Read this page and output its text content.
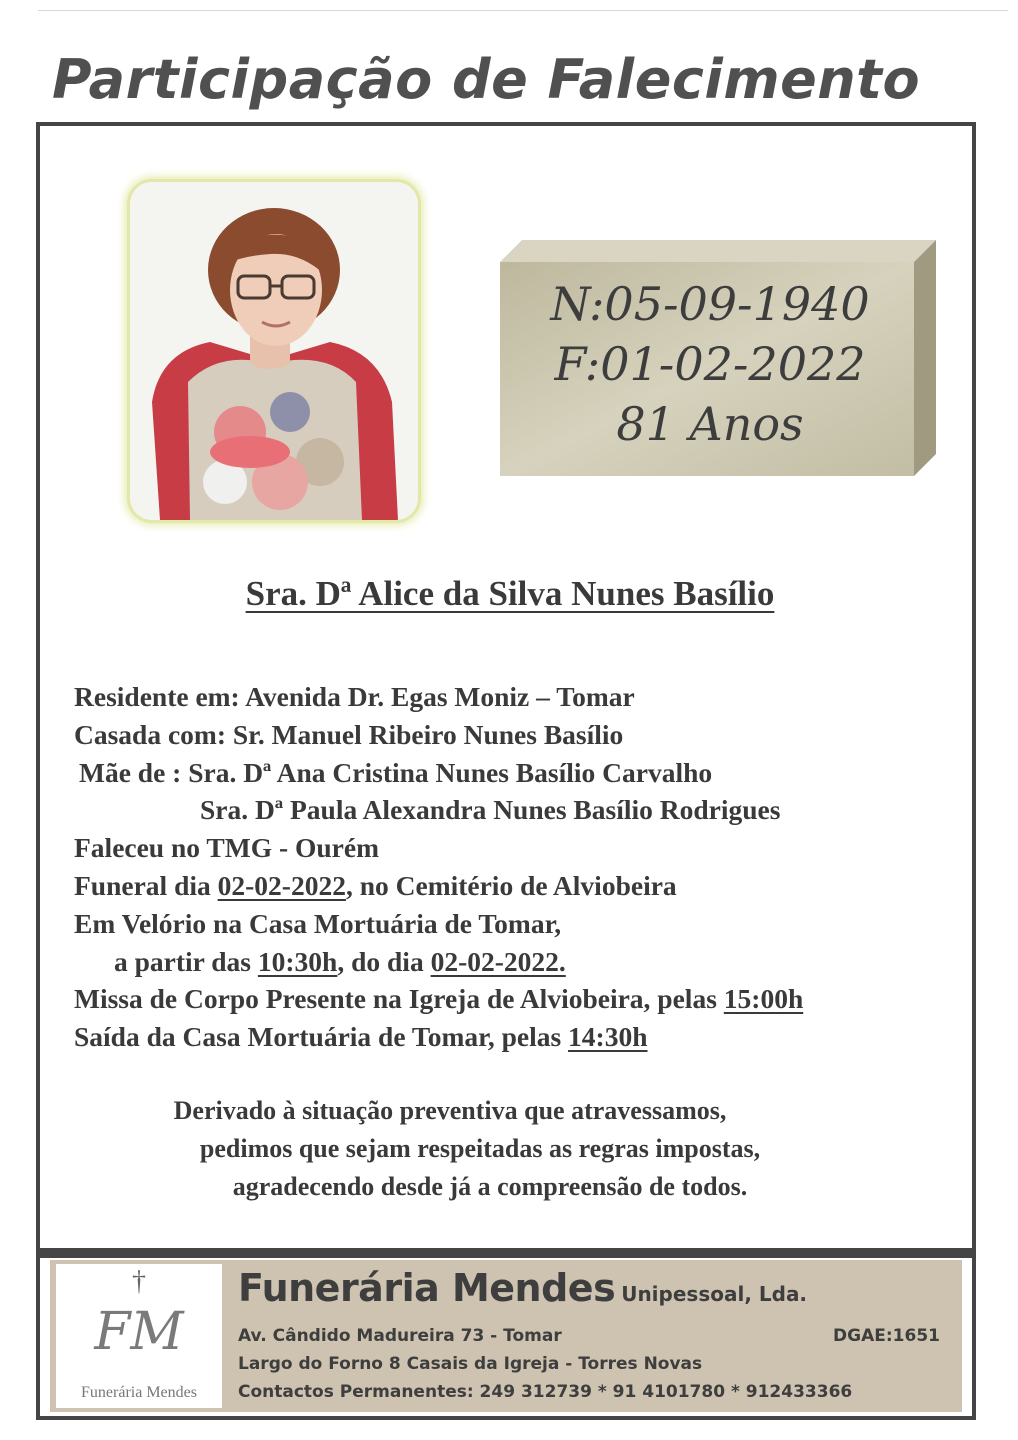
Participação de Falecimento
N:05-09-1940
F:01-02-2022
81 Anos
Sra. Dª Alice da Silva Nunes Basílio
Residente em: Avenida Dr. Egas Moniz – Tomar
Casada com: Sr. Manuel Ribeiro Nunes Basílio
Mãe de : Sra. Dª Ana Cristina Nunes Basílio Carvalho
Sra. Dª Paula Alexandra Nunes Basílio Rodrigues
Faleceu no TMG - Ourém
Funeral dia 02-02-2022, no Cemitério de Alviobeira
Em Velório na Casa Mortuária de Tomar,
a partir das 10:30h, do dia 02-02-2022.
Missa de Corpo Presente na Igreja de Alviobeira, pelas 15:00h
Saída da Casa Mortuária de Tomar, pelas 14:30h
Derivado à situação preventiva que atravessamos,
pedimos que sejam respeitadas as regras impostas,
agradecendo desde já a compreensão de todos.
†
FM
Funerária Mendes
Funerária Mendes Unipessoal, Lda.
Av. Cândido Madureira 73 - Tomar	DGAE:1651
Largo do Forno 8 Casais da Igreja - Torres Novas
Contactos Permanentes: 249 312739 * 91 4101780 * 912433366
